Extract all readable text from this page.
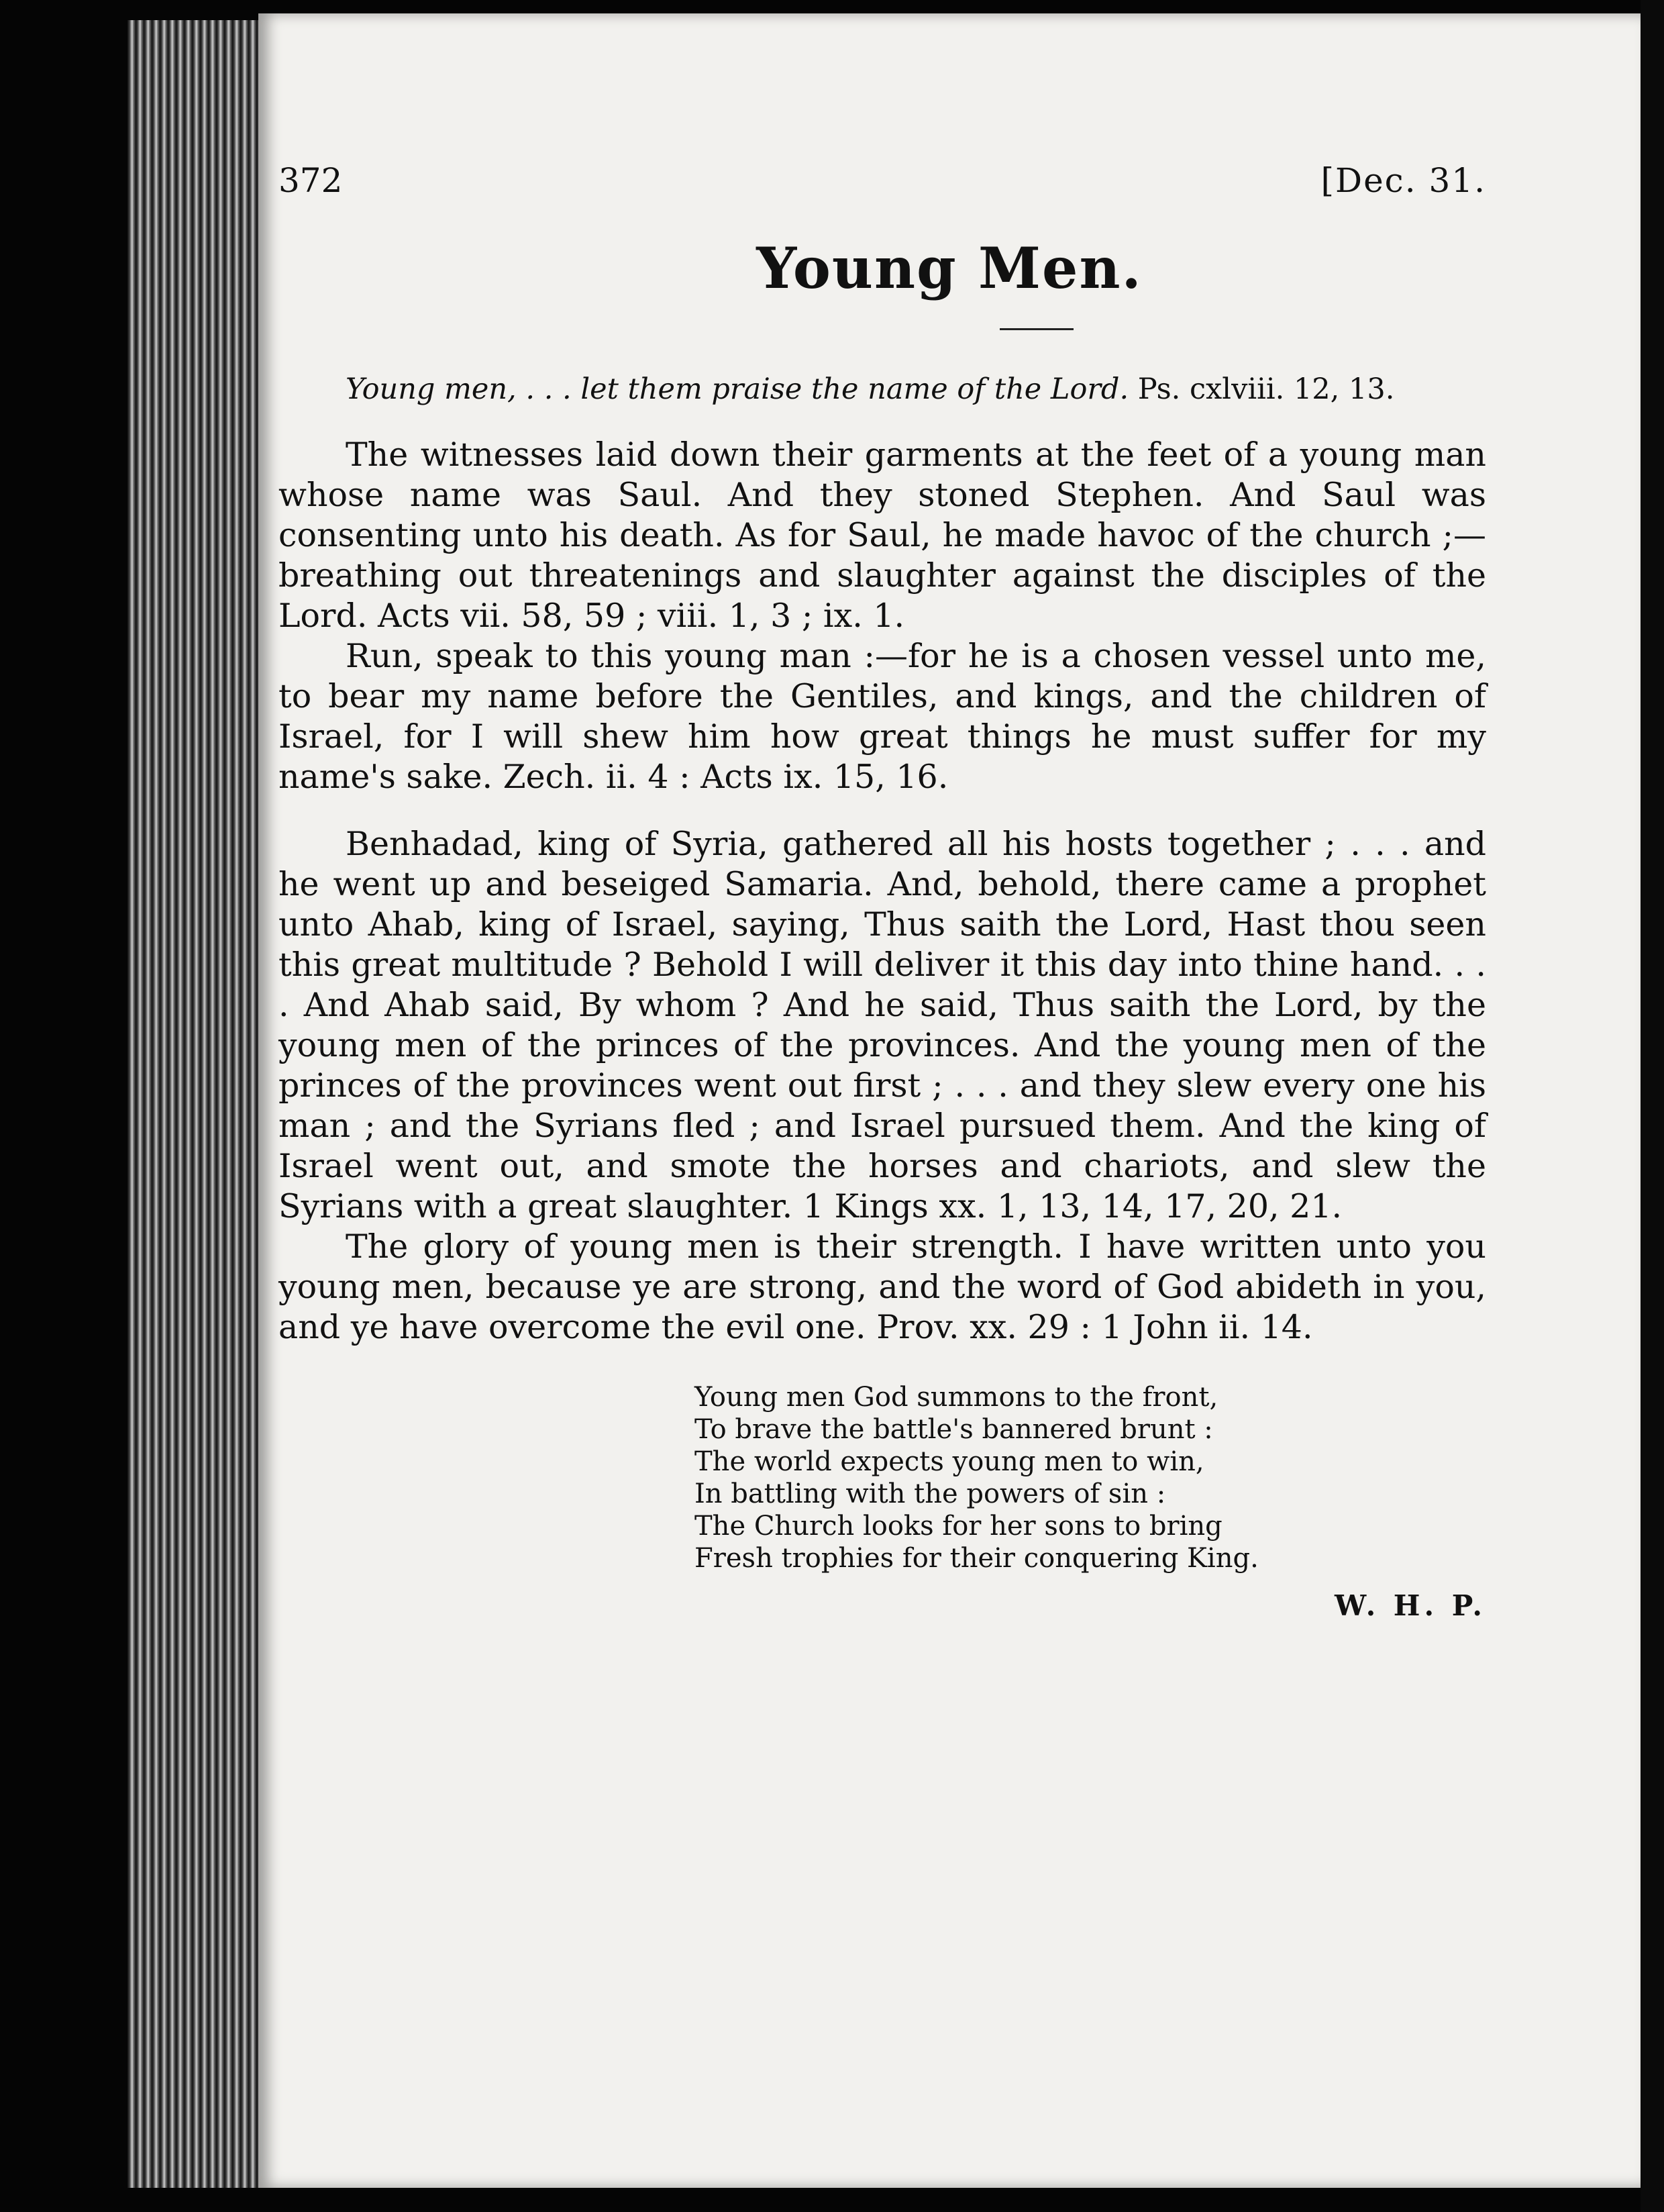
372	[Dec. 31.
Young Men.
Young men, . . . let them praise the name of the Lord. Ps. cxlviii. 12, 13.

The witnesses laid down their garments at the feet of a young man whose name was Saul. And they stoned Stephen. And Saul was consenting unto his death. As for Saul, he made havoc of the church ;—breathing out threatenings and slaughter against the disciples of the Lord. Acts vii. 58, 59 ; viii. 1, 3 ; ix. 1.

Run, speak to this young man :—for he is a chosen vessel unto me, to bear my name before the Gentiles, and kings, and the children of Israel, for I will shew him how great things he must suffer for my name's sake. Zech. ii. 4 : Acts ix. 15, 16.

Benhadad, king of Syria, gathered all his hosts together ; . . . and he went up and beseiged Samaria. And, behold, there came a prophet unto Ahab, king of Israel, saying, Thus saith the Lord, Hast thou seen this great multitude ? Behold I will deliver it this day into thine hand. . . . And Ahab said, By whom ? And he said, Thus saith the Lord, by the young men of the princes of the provinces. And the young men of the princes of the provinces went out first ; . . . and they slew every one his man ; and the Syrians fled ; and Israel pursued them. And the king of Israel went out, and smote the horses and chariots, and slew the Syrians with a great slaughter. 1 Kings xx. 1, 13, 14, 17, 20, 21.

The glory of young men is their strength. I have written unto you young men, because ye are strong, and the word of God abideth in you, and ye have overcome the evil one. Prov. xx. 29 : 1 John ii. 14.

Young men God summons to the front,
To brave the battle's bannered brunt :
The world expects young men to win,
In battling with the powers of sin :
The Church looks for her sons to bring
Fresh trophies for their conquering King.
W. H. P.
